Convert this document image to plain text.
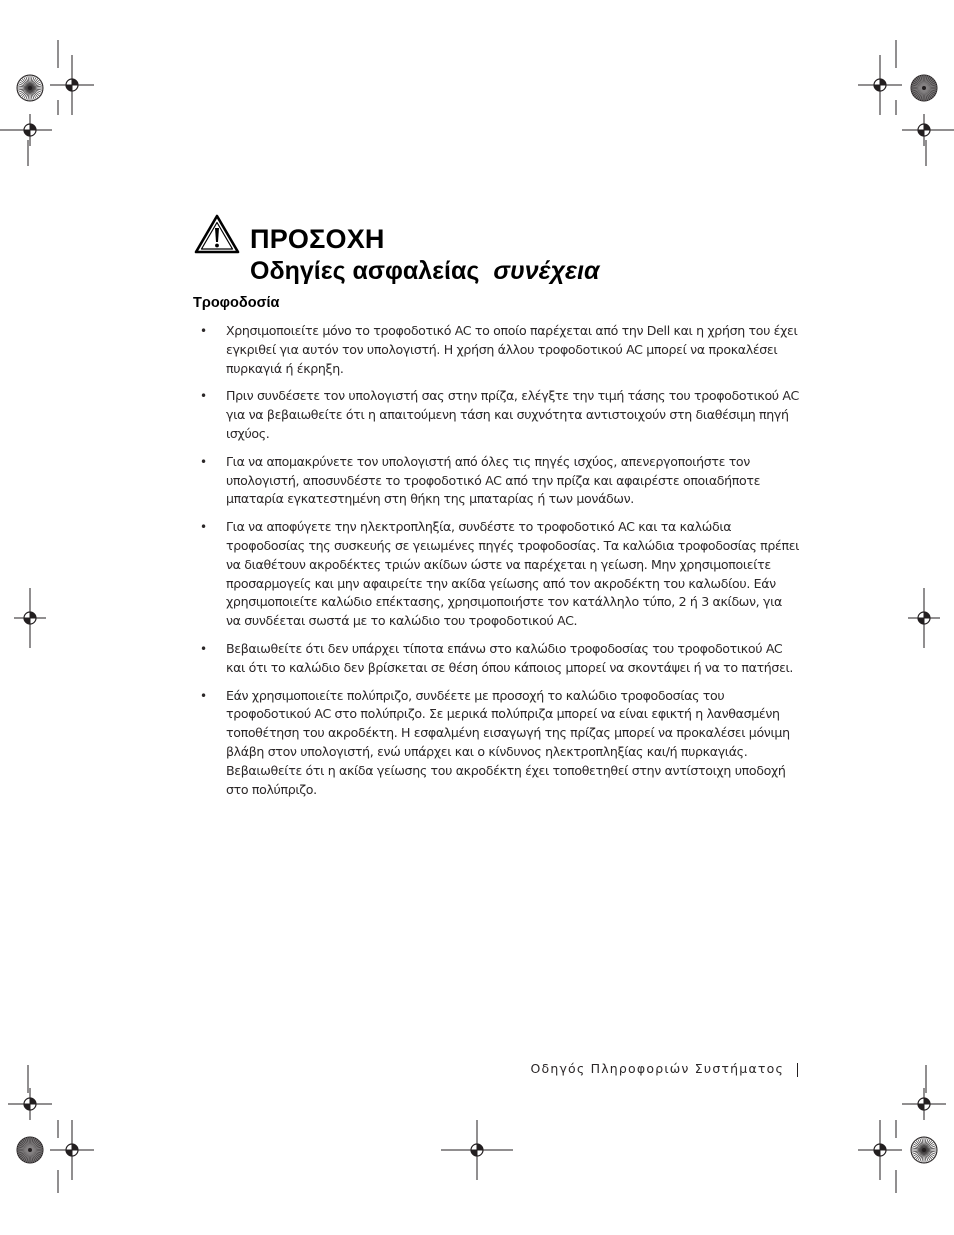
ΠΡΟΣΟΧΗ
Οδηγίες ασφαλείας συνέχεια
Τροφοδοσία
• Χρησιμοποιείτε μόνο το τροφοδοτικό AC το οποίο παρέχεται από την Dell και η χρήση του έχει εγκριθεί για αυτόν τον υπολογιστή. Η χρήση άλλου τροφοδοτικού AC μπορεί να προκαλέσει πυρκαγιά ή έκρηξη.
• Πριν συνδέσετε τον υπολογιστή σας στην πρίζα, ελέγξτε την τιμή τάσης του τροφοδοτικού AC για να βεβαιωθείτε ότι η απαιτούμενη τάση και συχνότητα αντιστοιχούν στη διαθέσιμη πηγή ισχύος.
• Για να απομακρύνετε τον υπολογιστή από όλες τις πηγές ισχύος, απενεργοποιήστε τον υπολογιστή, αποσυνδέστε το τροφοδοτικό AC από την πρίζα και αφαιρέστε οποιαδήποτε μπαταρία εγκατεστημένη στη θήκη της μπαταρίας ή των μονάδων.
• Για να αποφύγετε την ηλεκτροπληξία, συνδέστε το τροφοδοτικό AC και τα καλώδια τροφοδοσίας της συσκευής σε γειωμένες πηγές τροφοδοσίας. Τα καλώδια τροφοδοσίας πρέπει να διαθέτουν ακροδέκτες τριών ακίδων ώστε να παρέχεται η γείωση. Μην χρησιμοποιείτε προσαρμογείς και μην αφαιρείτε την ακίδα γείωσης από τον ακροδέκτη του καλωδίου. Εάν χρησιμοποιείτε καλώδιο επέκτασης, χρησιμοποιήστε τον κατάλληλο τύπο, 2 ή 3 ακίδων, για να συνδέεται σωστά με το καλώδιο του τροφοδοτικού AC.
• Βεβαιωθείτε ότι δεν υπάρχει τίποτα επάνω στο καλώδιο τροφοδοσίας του τροφοδοτικού AC και ότι το καλώδιο δεν βρίσκεται σε θέση όπου κάποιος μπορεί να σκοντάψει ή να το πατήσει.
• Εάν χρησιμοποιείτε πολύπριζο, συνδέετε με προσοχή το καλώδιο τροφοδοσίας του τροφοδοτικού AC στο πολύπριζο. Σε μερικά πολύπριζα μπορεί να είναι εφικτή η λανθασμένη τοποθέτηση του ακροδέκτη. Η εσφαλμένη εισαγωγή της πρίζας μπορεί να προκαλέσει μόνιμη βλάβη στον υπολογιστή, ενώ υπάρχει και ο κίνδυνος ηλεκτροπληξίας και/ή πυρκαγιάς. Βεβαιωθείτε ότι η ακίδα γείωσης του ακροδέκτη έχει τοποθετηθεί στην αντίστοιχη υποδοχή στο πολύπριζο.
Οδηγός Πληροφοριών Συστήματος
